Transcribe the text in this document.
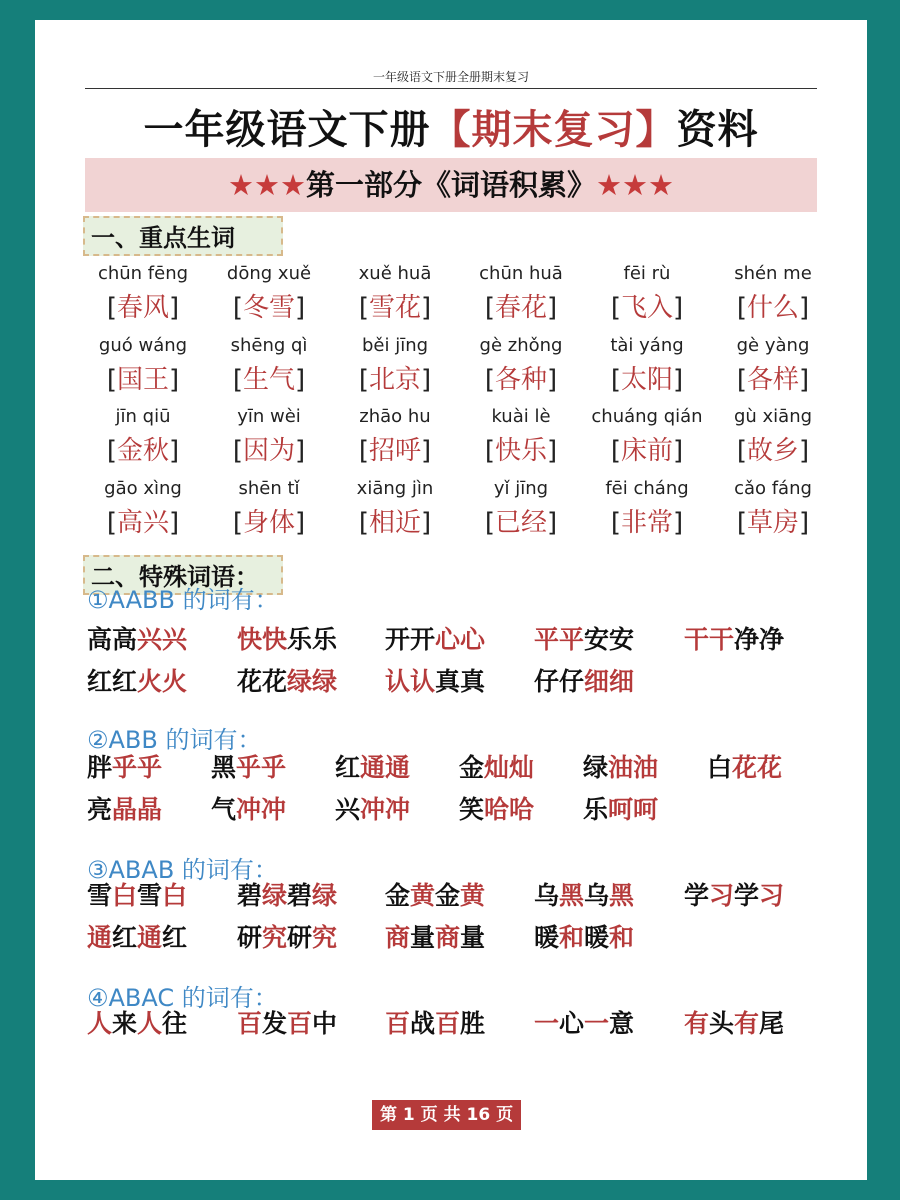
一年级语文下册全册期末复习
一年级语文下册【期末复习】资料
★★★第一部分《词语积累》★★★
一、重点生词
chūn fēng
[春风]
dōng xuě
[冬雪]
xuě huā
[雪花]
chūn huā
[春花]
fēi rù
[飞入]
shén me
[什么]
guó wáng
[国王]
shēng qì
[生气]
běi jīng
[北京]
gè zhǒng
[各种]
tài yáng
[太阳]
gè yàng
[各样]
jīn qiū
[金秋]
yīn wèi
[因为]
zhāo hu
[招呼]
kuài lè
[快乐]
chuáng qián
[床前]
gù xiāng
[故乡]
gāo xìng
[高兴]
shēn tǐ
[身体]
xiāng jìn
[相近]
yǐ jīng
[已经]
fēi cháng
[非常]
cǎo fáng
[草房]
二、特殊词语：
第 1 页 共 16 页
①AABB 的词有：
高高兴兴 快快乐乐 开开心心 平平安安 干干净净
红红火火 花花绿绿 认认真真 仔仔细细
②ABB 的词有：
胖乎乎 黑乎乎 红通通 金灿灿 绿油油 白花花
亮晶晶 气冲冲 兴冲冲 笑哈哈 乐呵呵
③ABAB 的词有：
雪白雪白 碧绿碧绿 金黄金黄 乌黑乌黑 学习学习
通红通红 研究研究 商量商量 暖和暖和
④ABAC 的词有：
人来人往 百发百中 百战百胜 一心一意 有头有尾
